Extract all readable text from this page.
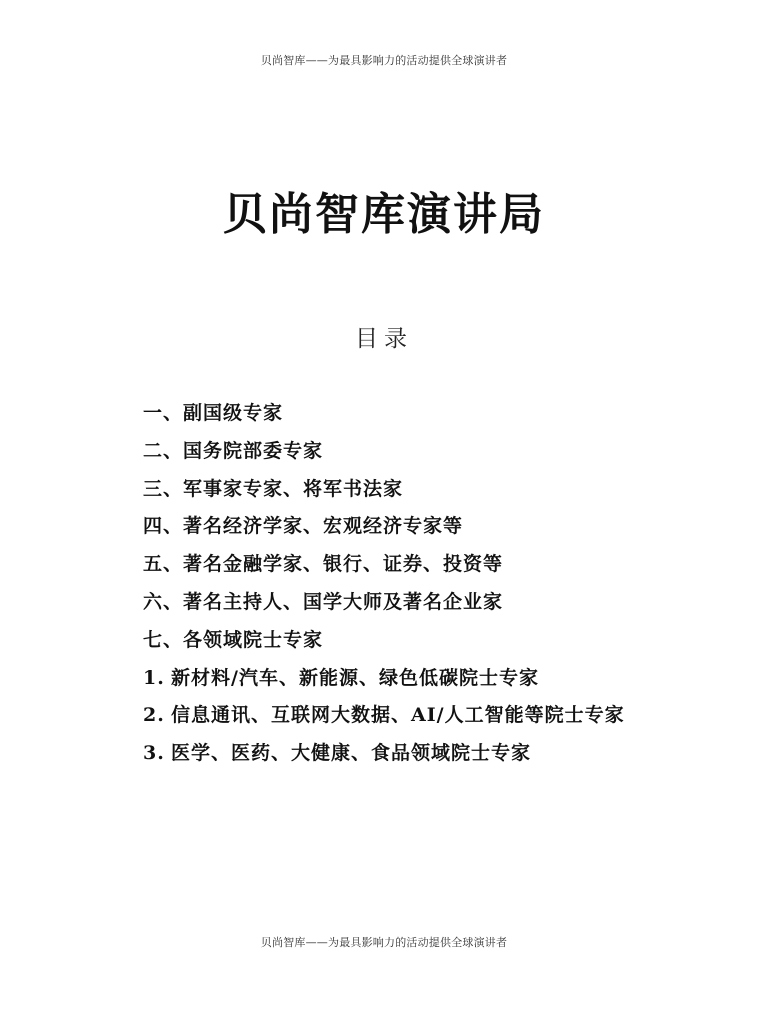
贝尚智库——为最具影响力的活动提供全球演讲者
贝尚智库演讲局
目录
一、副国级专家
二、国务院部委专家
三、军事家专家、将军书法家
四、著名经济学家、宏观经济专家等
五、著名金融学家、银行、证券、投资等
六、著名主持人、国学大师及著名企业家
七、各领域院士专家
1. 新材料/汽车、新能源、绿色低碳院士专家
2. 信息通讯、互联网大数据、AI/人工智能等院士专家
3. 医学、医药、大健康、食品领域院士专家
贝尚智库——为最具影响力的活动提供全球演讲者
